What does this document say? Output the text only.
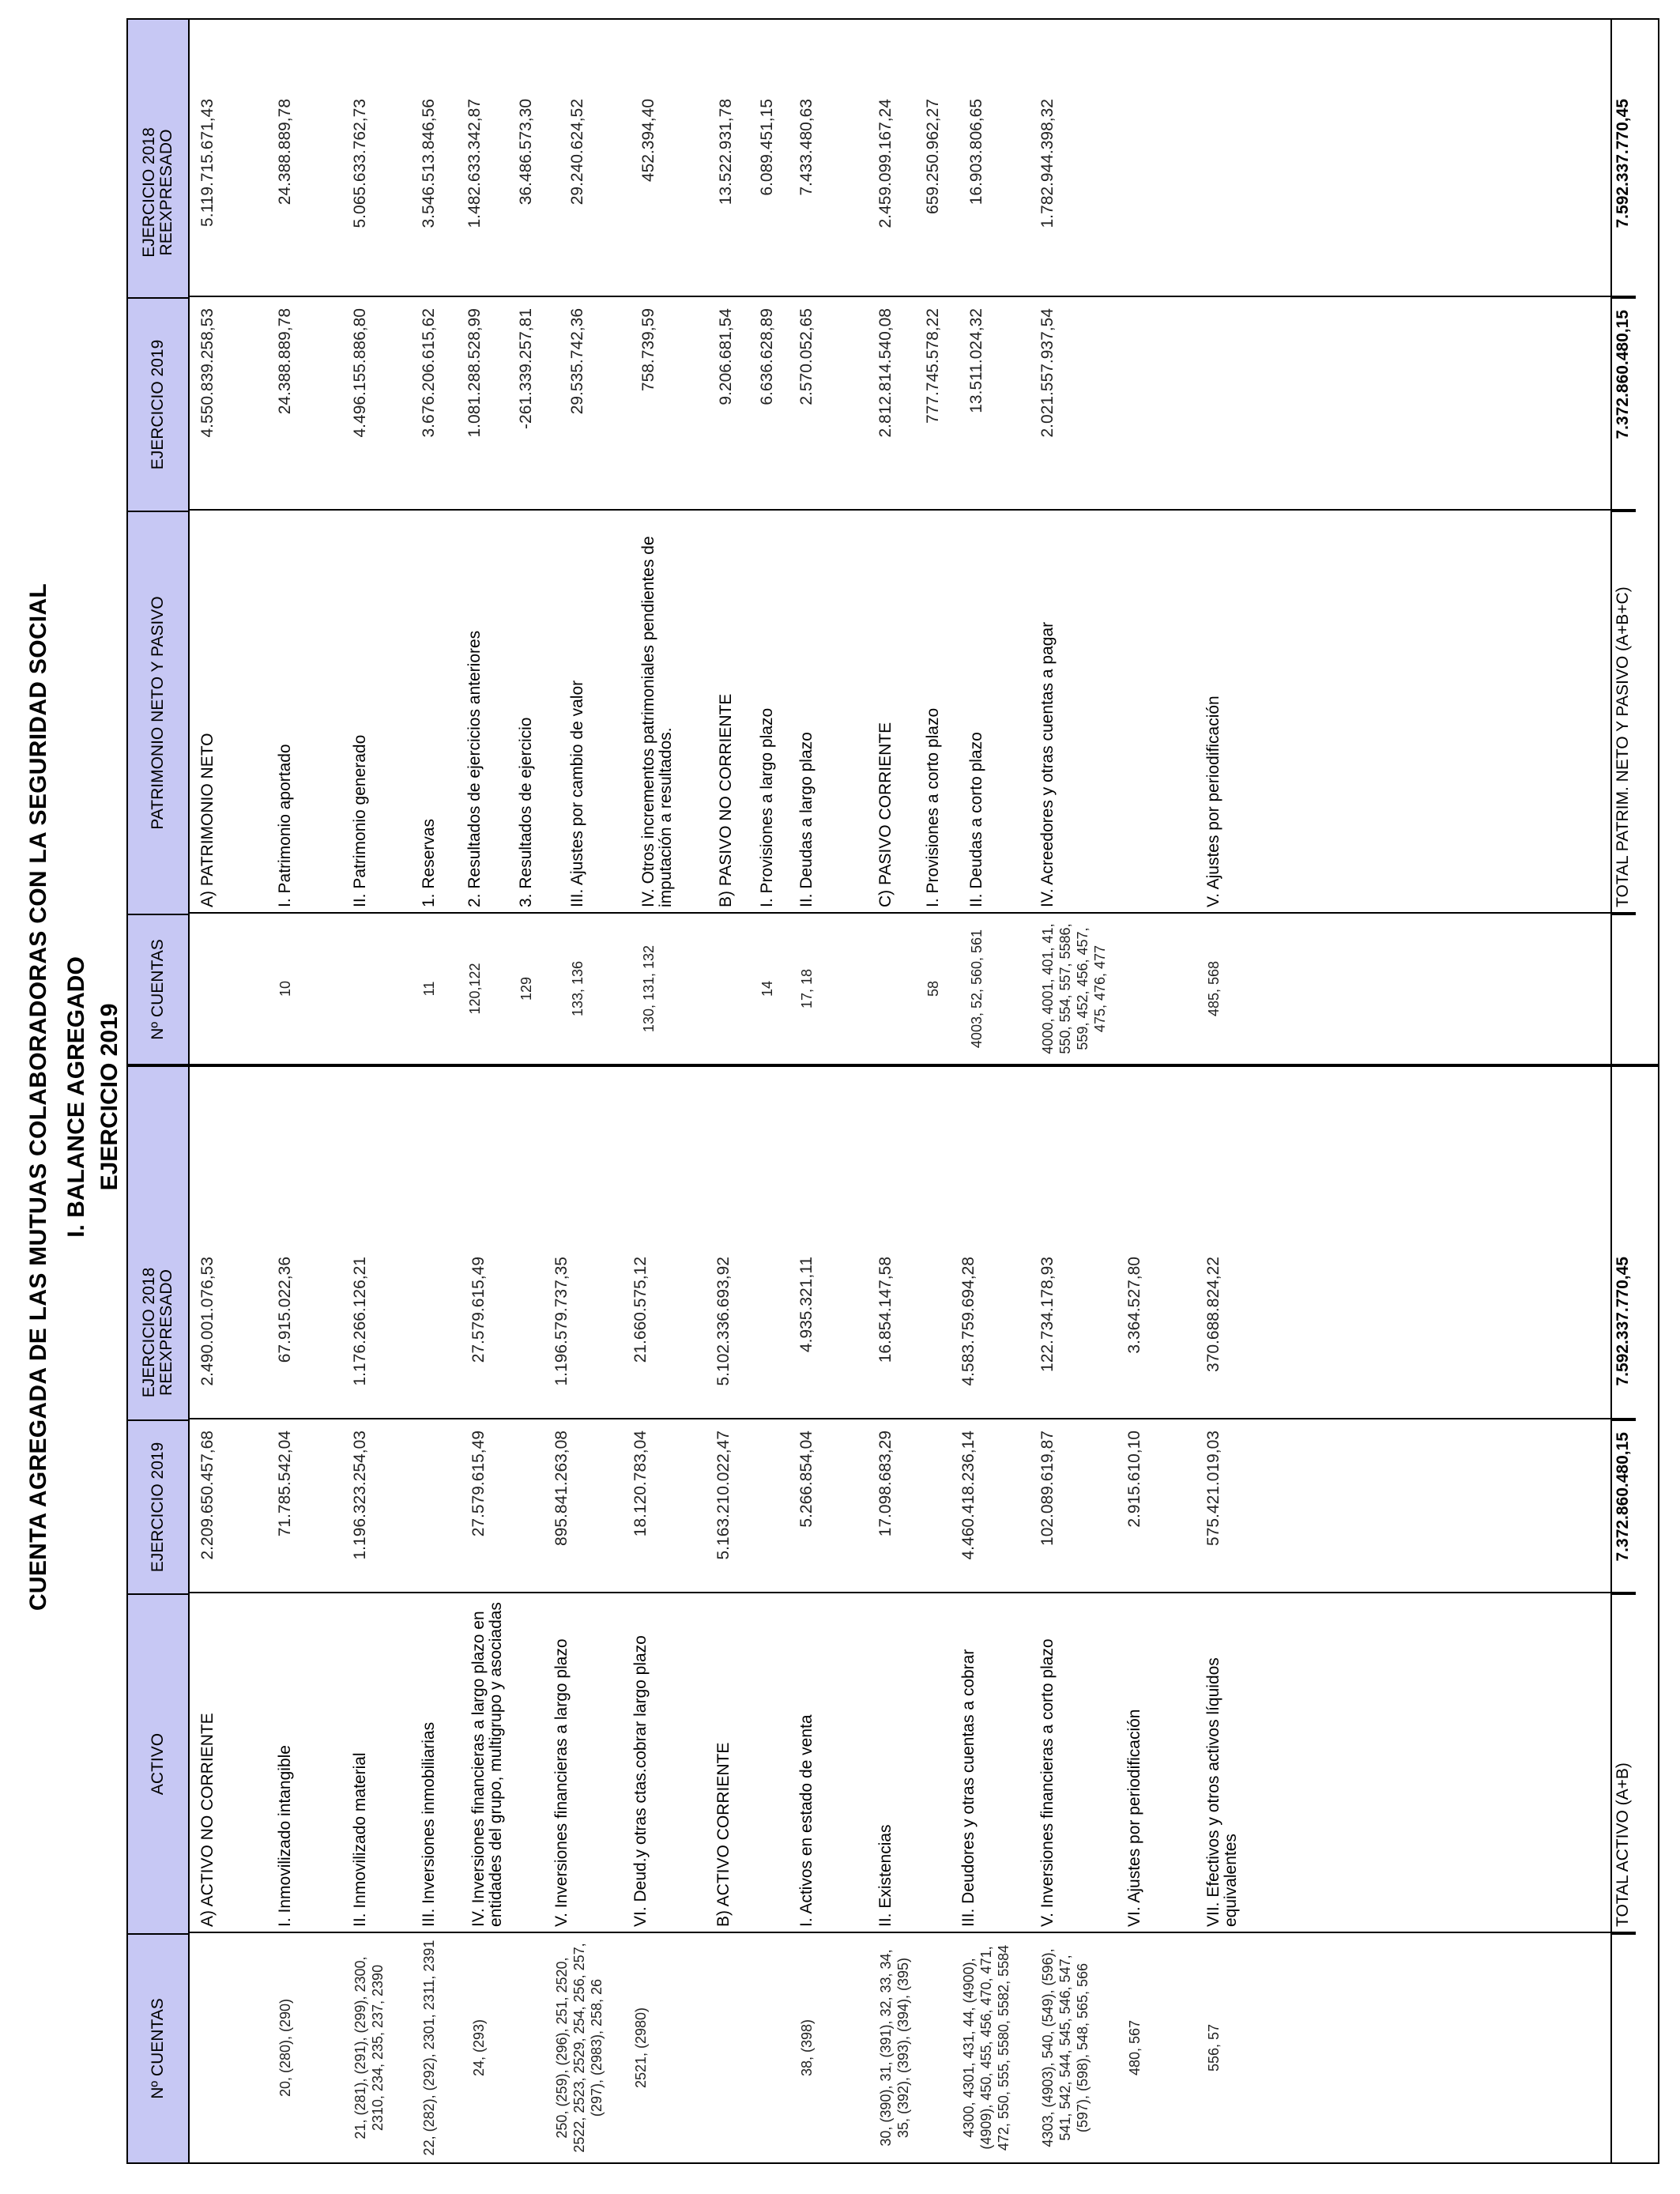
CUENTA AGREGADA DE LAS MUTUAS COLABORADORAS CON LA SEGURIDAD SOCIAL I. BALANCE AGREGADO EJERCICIO 2019
Nº CUENTAS
ACTIVO
EJERCICIO 2019
EJERCICIO 2018 REEXPRESADO
A) ACTIVO NO CORRIENTE
2.209.650.457,68
2.490.001.076,53
20, (280), (290)
I. Inmovilizado intangible
71.785.542,04
67.915.022,36
21, (281), (291), (299), 2300, 2310, 234, 235, 237, 2390
II. Inmovilizado material
1.196.323.254,03
1.176.266.126,21
22, (282), (292), 2301, 2311, 2391
III. Inversiones inmobiliarias
24, (293)
IV. Inversiones financieras a largo plazo en entidades del grupo, multigrupo y asociadas
27.579.615,49
27.579.615,49
250, (259), (296), 251, 2520, 2522, 2523, 2529, 254, 256, 257, (297), (2983), 258, 26
V. Inversiones financieras a largo plazo
895.841.263,08
1.196.579.737,35
2521, (2980)
VI. Deud.y otras ctas.cobrar largo plazo
18.120.783,04
21.660.575,12
B) ACTIVO CORRIENTE
5.163.210.022,47
5.102.336.693,92
38, (398)
I. Activos en estado de venta
5.266.854,04
4.935.321,11
30, (390), 31, (391), 32, 33, 34, 35, (392), (393), (394), (395)
II. Existencias
17.098.683,29
16.854.147,58
4300, 4301, 431, 44, (4900), (4909), 450, 455, 456, 470, 471, 472, 550, 555, 5580, 5582, 5584
III. Deudores y otras cuentas a cobrar
4.460.418.236,14
4.583.759.694,28
4303, (4903), 540, (549), (596), 541, 542, 544, 545, 546, 547, (597), (598), 548, 565, 566
V. Inversiones financieras a corto plazo
102.089.619,87
122.734.178,93
480, 567
VI. Ajustes por periodificación
2.915.610,10
3.364.527,80
556, 57
VII. Efectivos y otros activos líquidos equivalentes
575.421.019,03
370.688.824,22
TOTAL ACTIVO (A+B)
7.372.860.480,15
7.592.337.770,45
Nº CUENTAS
PATRIMONIO NETO Y PASIVO
EJERCICIO 2019
EJERCICIO 2018 REEXPRESADO
A) PATRIMONIO NETO
4.550.839.258,53
5.119.715.671,43
10
I. Patrimonio aportado
24.388.889,78
24.388.889,78
II. Patrimonio generado
4.496.155.886,80
5.065.633.762,73
11
1. Reservas
3.676.206.615,62
3.546.513.846,56
120,122
2. Resultados de ejercicios anteriores
1.081.288.528,99
1.482.633.342,87
129
3. Resultados de ejercicio
-261.339.257,81
36.486.573,30
133, 136
III. Ajustes por cambio de valor
29.535.742,36
29.240.624,52
130, 131, 132
IV. Otros incrementos patrimoniales pendientes de imputación a resultados.
758.739,59
452.394,40
B) PASIVO NO CORRIENTE
9.206.681,54
13.522.931,78
14
I. Provisiones a largo plazo
6.636.628,89
6.089.451,15
17, 18
II. Deudas a largo plazo
2.570.052,65
7.433.480,63
C) PASIVO CORRIENTE
2.812.814.540,08
2.459.099.167,24
58
I. Provisiones a corto plazo
777.745.578,22
659.250.962,27
4003, 52, 560, 561
II. Deudas a corto plazo
13.511.024,32
16.903.806,65
4000, 4001, 401, 41, 550, 554, 557, 5586, 559, 452, 456, 457, 475, 476, 477
IV. Acreedores y otras cuentas a pagar
2.021.557.937,54
1.782.944.398,32
485, 568
V. Ajustes por periodificación	TOTAL PATRIM. NETO Y PASIVO (A+B+C)
7.372.860.480,15
7.592.337.770,45
